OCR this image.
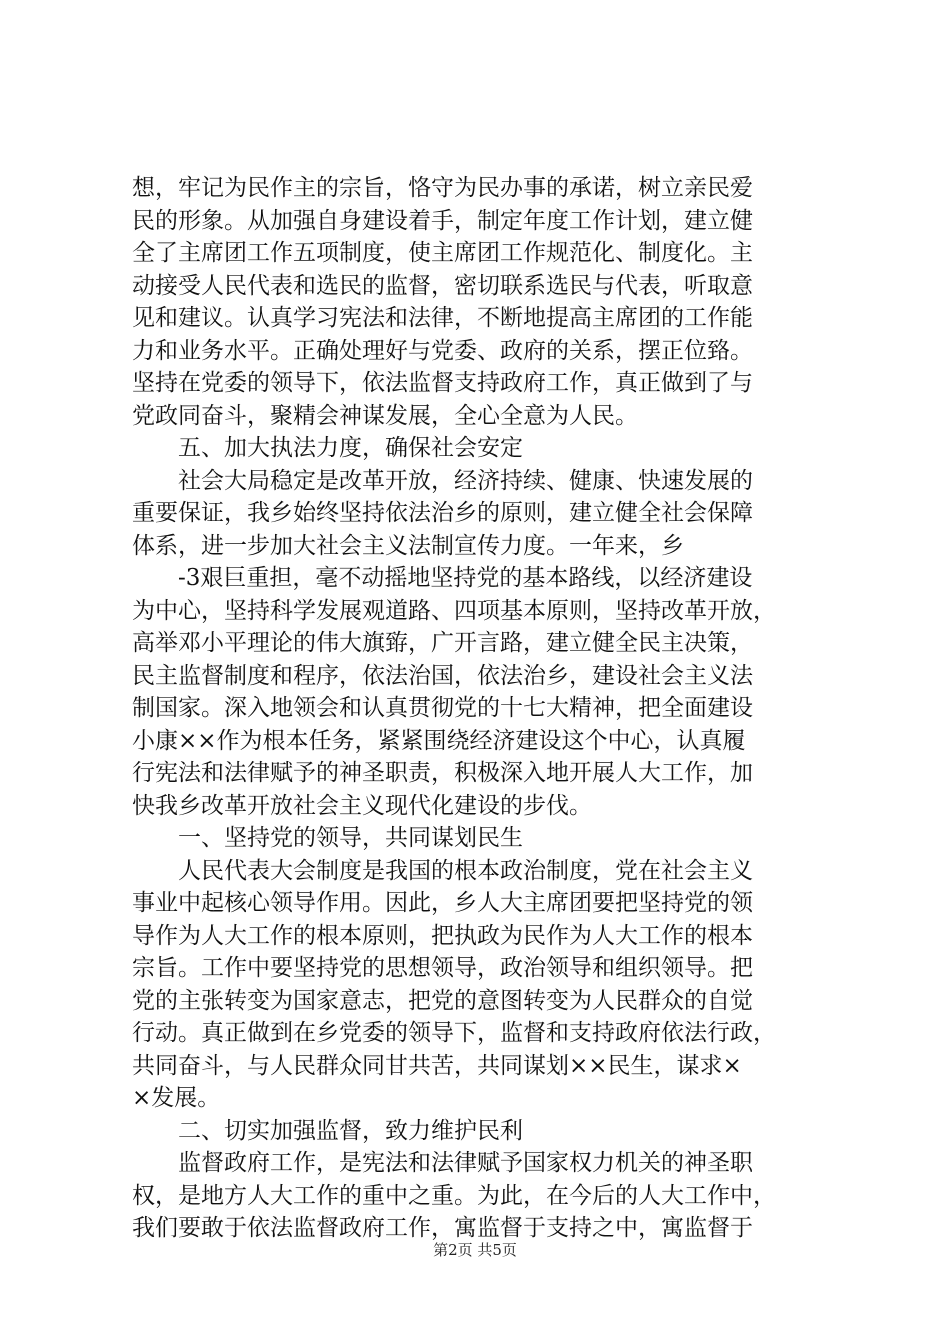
想，牢记为民作主的宗旨，恪守为民办事的承诺，树立亲民爱
民的形象。从加强自身建设着手，制定年度工作计划，建立健
全了主席团工作五项制度，使主席团工作规范化、制度化。主
动接受人民代表和选民的监督，密切联系选民与代表，听取意
见和建议。认真学习宪法和法律，不断地提高主席团的工作能
力和业务水平。正确处理好与党委、政府的关系，摆正位臵。
坚持在党委的领导下，依法监督支持政府工作，真正做到了与
党政同奋斗，聚精会神谋发展，全心全意为人民。
五、加大执法力度，确保社会安定
社会大局稳定是改革开放，经济持续、健康、快速发展的
重要保证，我乡始终坚持依法治乡的原则，建立健全社会保障
体系，进一步加大社会主义法制宣传力度。一年来，乡
-3艰巨重担，毫不动摇地坚持党的基本路线，以经济建设
为中心，坚持科学发展观道路、四项基本原则，坚持改革开放，
高举邓小平理论的伟大旗臶，广开言路，建立健全民主决策，
民主监督制度和程序，依法治国，依法治乡，建设社会主义法
制国家。深入地领会和认真贯彻党的十七大精神，把全面建设
小康××作为根本任务，紧紧围绕经济建设这个中心，认真履
行宪法和法律赋予的神圣职责，积极深入地开展人大工作，加
快我乡改革开放社会主义现代化建设的步伐。
一、坚持党的领导，共同谋划民生
人民代表大会制度是我国的根本政治制度，党在社会主义
事业中起核心领导作用。因此，乡人大主席团要把坚持党的领
导作为人大工作的根本原则，把执政为民作为人大工作的根本
宗旨。工作中要坚持党的思想领导，政治领导和组织领导。把
党的主张转变为国家意志，把党的意图转变为人民群众的自觉
行动。真正做到在乡党委的领导下，监督和支持政府依法行政，
共同奋斗，与人民群众同甘共苦，共同谋划××民生，谋求×
×发展。
二、切实加强监督，致力维护民利
监督政府工作，是宪法和法律赋予国家权力机关的神圣职
权，是地方人大工作的重中之重。为此，在今后的人大工作中，
我们要敢于依法监督政府工作，寓监督于支持之中，寓监督于
第2页 共5页
